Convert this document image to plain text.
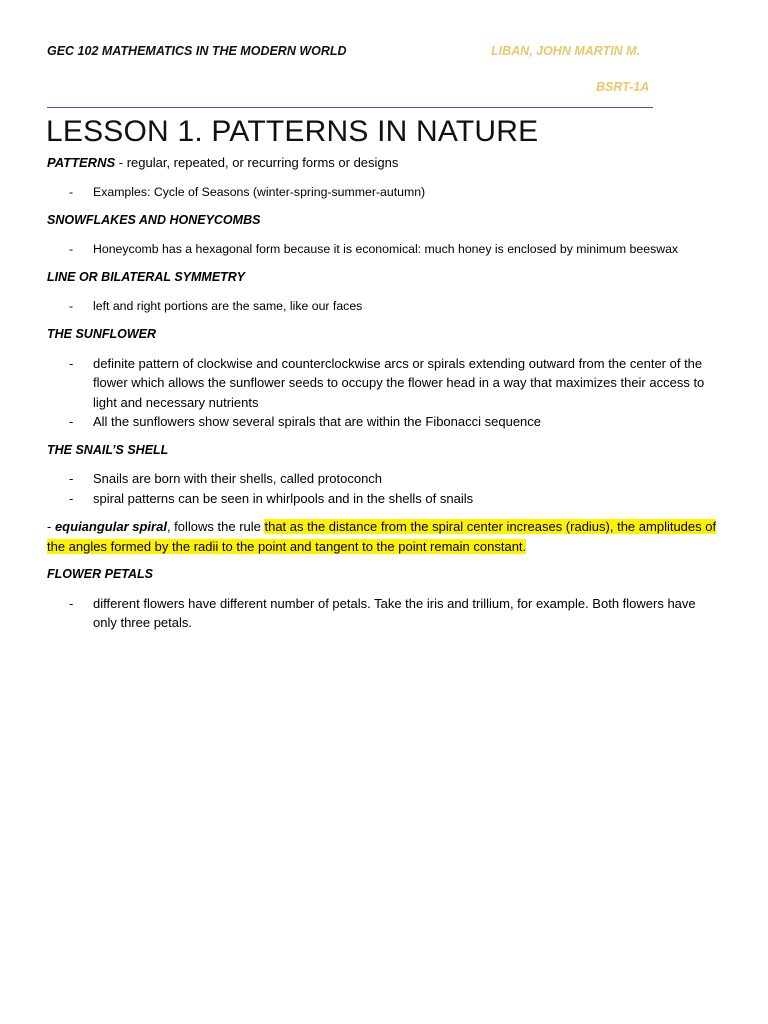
GEC 102 MATHEMATICS IN THE MODERN WORLD	LIBAN, JOHN MARTIN M.
BSRT-1A
LESSON 1. PATTERNS IN NATURE

PATTERNS - regular, repeated, or recurring forms or designs

- Examples: Cycle of Seasons (winter-spring-summer-autumn)

SNOWFLAKES AND HONEYCOMBS

- Honeycomb has a hexagonal form because it is economical: much honey is enclosed by minimum beeswax

LINE OR BILATERAL SYMMETRY

- left and right portions are the same, like our faces

THE SUNFLOWER

- definite pattern of clockwise and counterclockwise arcs or spirals extending outward from the center of the flower which allows the sunflower seeds to occupy the flower head in a way that maximizes their access to light and necessary nutrients
- All the sunflowers show several spirals that are within the Fibonacci sequence

THE SNAIL’S SHELL

- Snails are born with their shells, called protoconch
- spiral patterns can be seen in whirlpools and in the shells of snails

- equiangular spiral, follows the rule that as the distance from the spiral center increases (radius), the amplitudes of the angles formed by the radii to the point and tangent to the point remain constant.

FLOWER PETALS

- different flowers have different number of petals. Take the iris and trillium, for example. Both flowers have only three petals.
